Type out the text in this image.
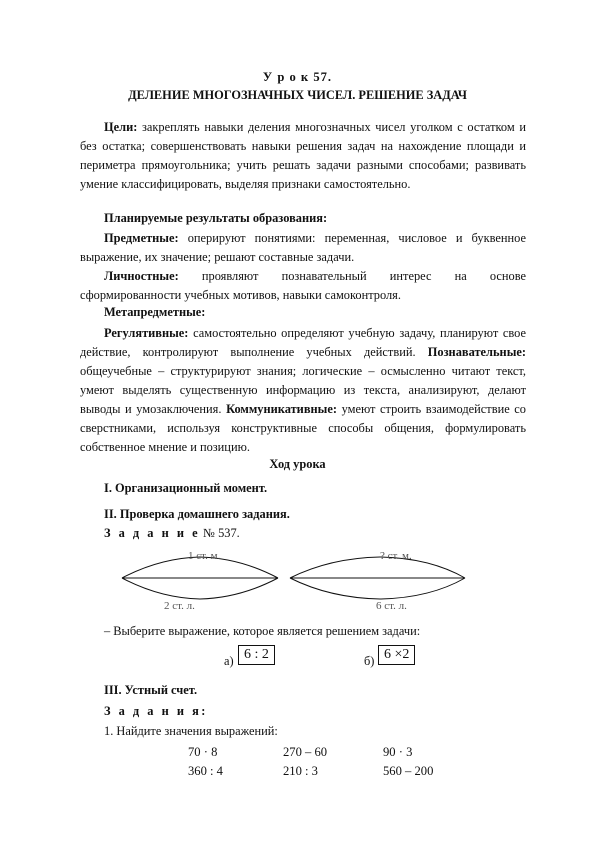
У р о к 57.
ДЕЛЕНИЕ МНОГОЗНАЧНЫХ ЧИСЕЛ. РЕШЕНИЕ ЗАДАЧ

Цели: закреплять навыки деления многозначных чисел уголком с остатком и без остатка; совершенствовать навыки решения задач на нахождение площади и периметра прямоугольника; учить решать задачи разными способами; развивать умение классифицировать, выделяя признаки самостоятельно.

Планируемые результаты образования:

Предметные: оперируют понятиями: переменная, числовое и буквенное выражение, их значение; решают составные задачи.

Личностные: проявляют познавательный интерес на основе сформированности учебных мотивов, навыки самоконтроля.

Метапредметные:

Регулятивные: самостоятельно определяют учебную задачу, планируют свое действие, контролируют выполнение учебных действий. Познавательные: общеучебные – структурируют знания; логические – осмысленно читают текст, умеют выделять существенную информацию из текста, анализируют, делают выводы и умозаключения. Коммуникативные: умеют строить взаимодействие со сверстниками, используя конструктивные способы общения, формулировать собственное мнение и позицию.

Ход урока
I. Организационный момент.
II. Проверка домашнего задания.
З а д а н и е № 537.
1 ст. м.
2 ст. л.
? ст. м.
6 ст. л.
– Выберите выражение, которое является решением задачи:
а) 6 : 2	б) 6 ×2
III. Устный счет.
З а д а н и я:
1. Найдите значения выражений:
70 · 8	270 – 60	90 · 3
360 : 4	210 : 3	560 – 200
